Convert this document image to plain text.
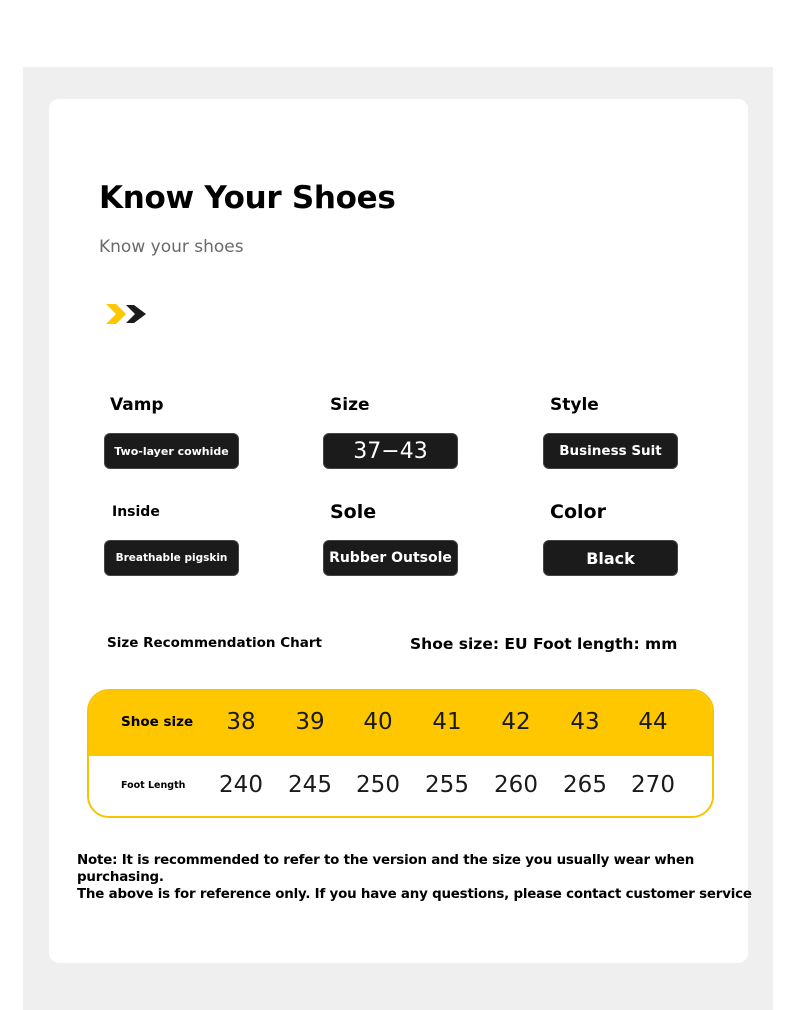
Know Your Shoes
Know your shoes
Vamp
Two-layer cowhide
Size
37−43
Style
Business Suit
Inside
Breathable pigskin
Sole
Rubber Outsole
Color
Black
Size Recommendation Chart	Shoe size: EU Foot length: mm
Shoe size	38	39	40	41	42	43	44
Foot Length	240	245	250	255	260	265	270
Note: It is recommended to refer to the version and the size you usually wear when purchasing.
The above is for reference only. If you have any questions, please contact customer service
